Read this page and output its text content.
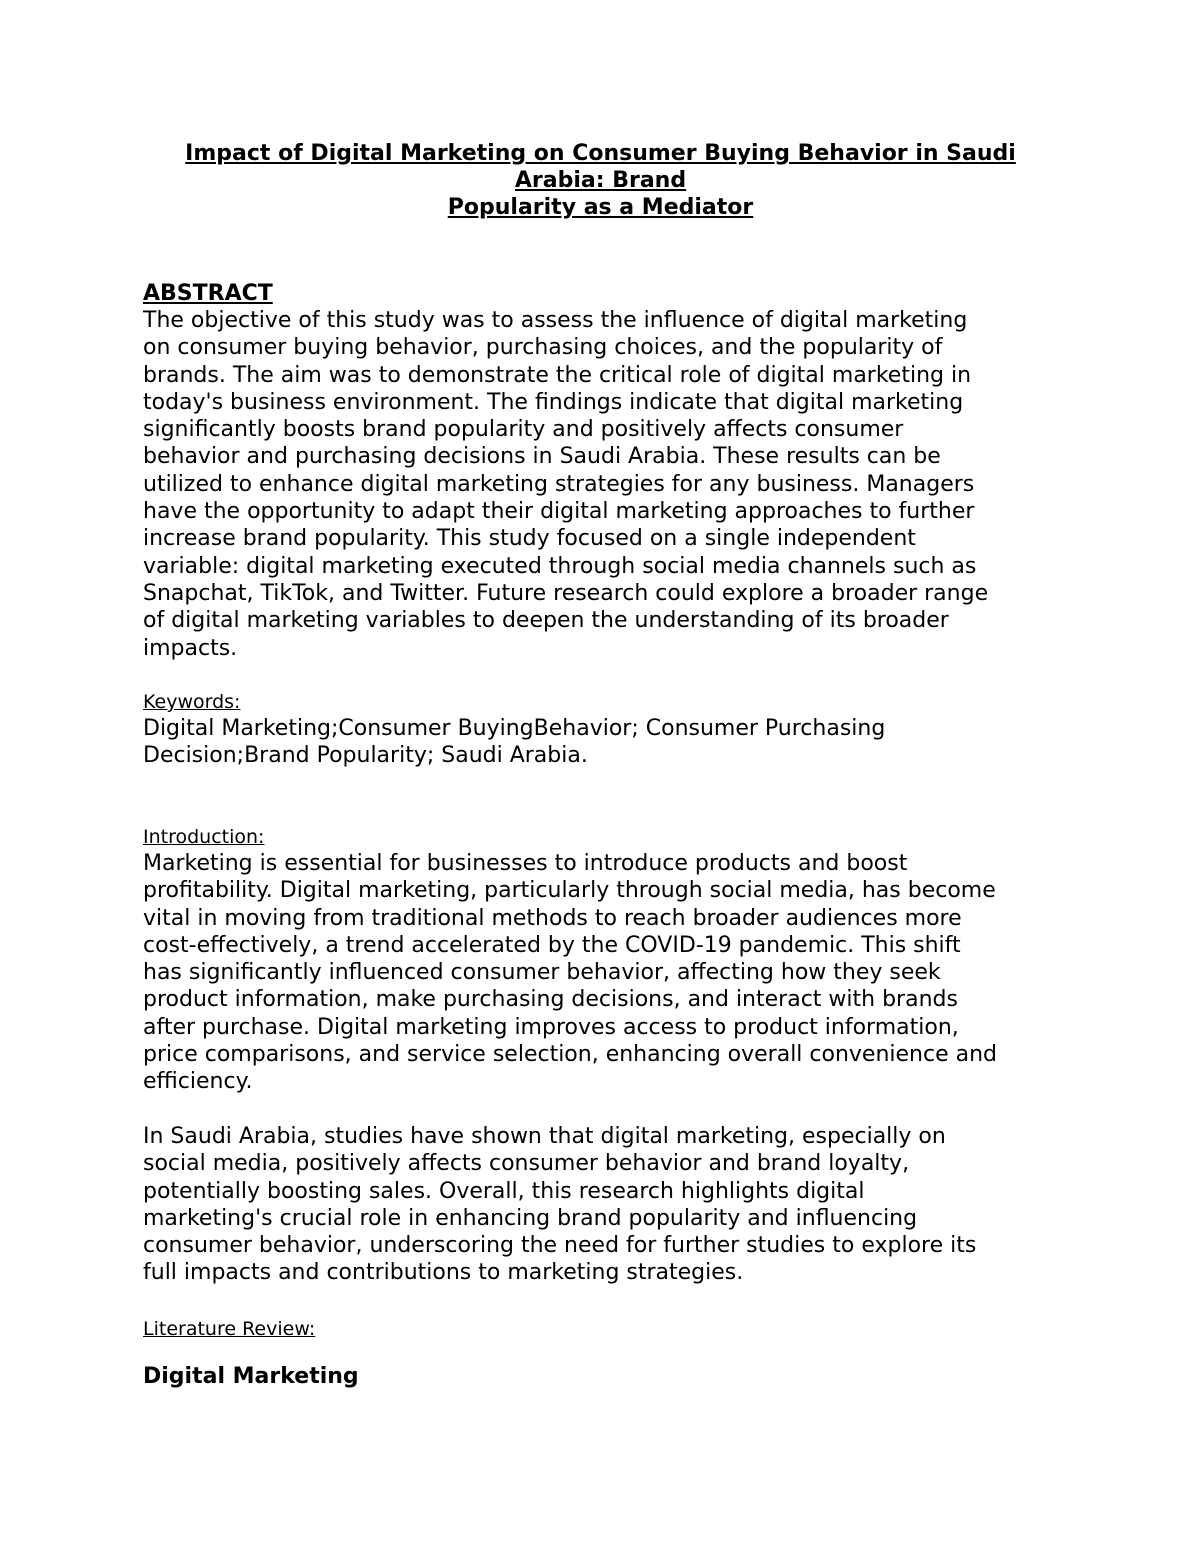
Impact of Digital Marketing on Consumer Buying Behavior in Saudi
Arabia: Brand
Popularity as a Mediator
ABSTRACT

The objective of this study was to assess the influence of digital marketing
on consumer buying behavior, purchasing choices, and the popularity of
brands. The aim was to demonstrate the critical role of digital marketing in
today's business environment. The findings indicate that digital marketing
significantly boosts brand popularity and positively affects consumer
behavior and purchasing decisions in Saudi Arabia. These results can be
utilized to enhance digital marketing strategies for any business. Managers
have the opportunity to adapt their digital marketing approaches to further
increase brand popularity. This study focused on a single independent
variable: digital marketing executed through social media channels such as
Snapchat, TikTok, and Twitter. Future research could explore a broader range
of digital marketing variables to deepen the understanding of its broader
impacts.

Keywords:

Digital Marketing;Consumer BuyingBehavior; Consumer Purchasing
Decision;Brand Popularity; Saudi Arabia.

Introduction:

Marketing is essential for businesses to introduce products and boost
profitability. Digital marketing, particularly through social media, has become
vital in moving from traditional methods to reach broader audiences more
cost-effectively, a trend accelerated by the COVID-19 pandemic. This shift
has significantly influenced consumer behavior, affecting how they seek
product information, make purchasing decisions, and interact with brands
after purchase. Digital marketing improves access to product information,
price comparisons, and service selection, enhancing overall convenience and
efficiency.

In Saudi Arabia, studies have shown that digital marketing, especially on
social media, positively affects consumer behavior and brand loyalty,
potentially boosting sales. Overall, this research highlights digital
marketing's crucial role in enhancing brand popularity and influencing
consumer behavior, underscoring the need for further studies to explore its
full impacts and contributions to marketing strategies.

Literature Review:

Digital Marketing
